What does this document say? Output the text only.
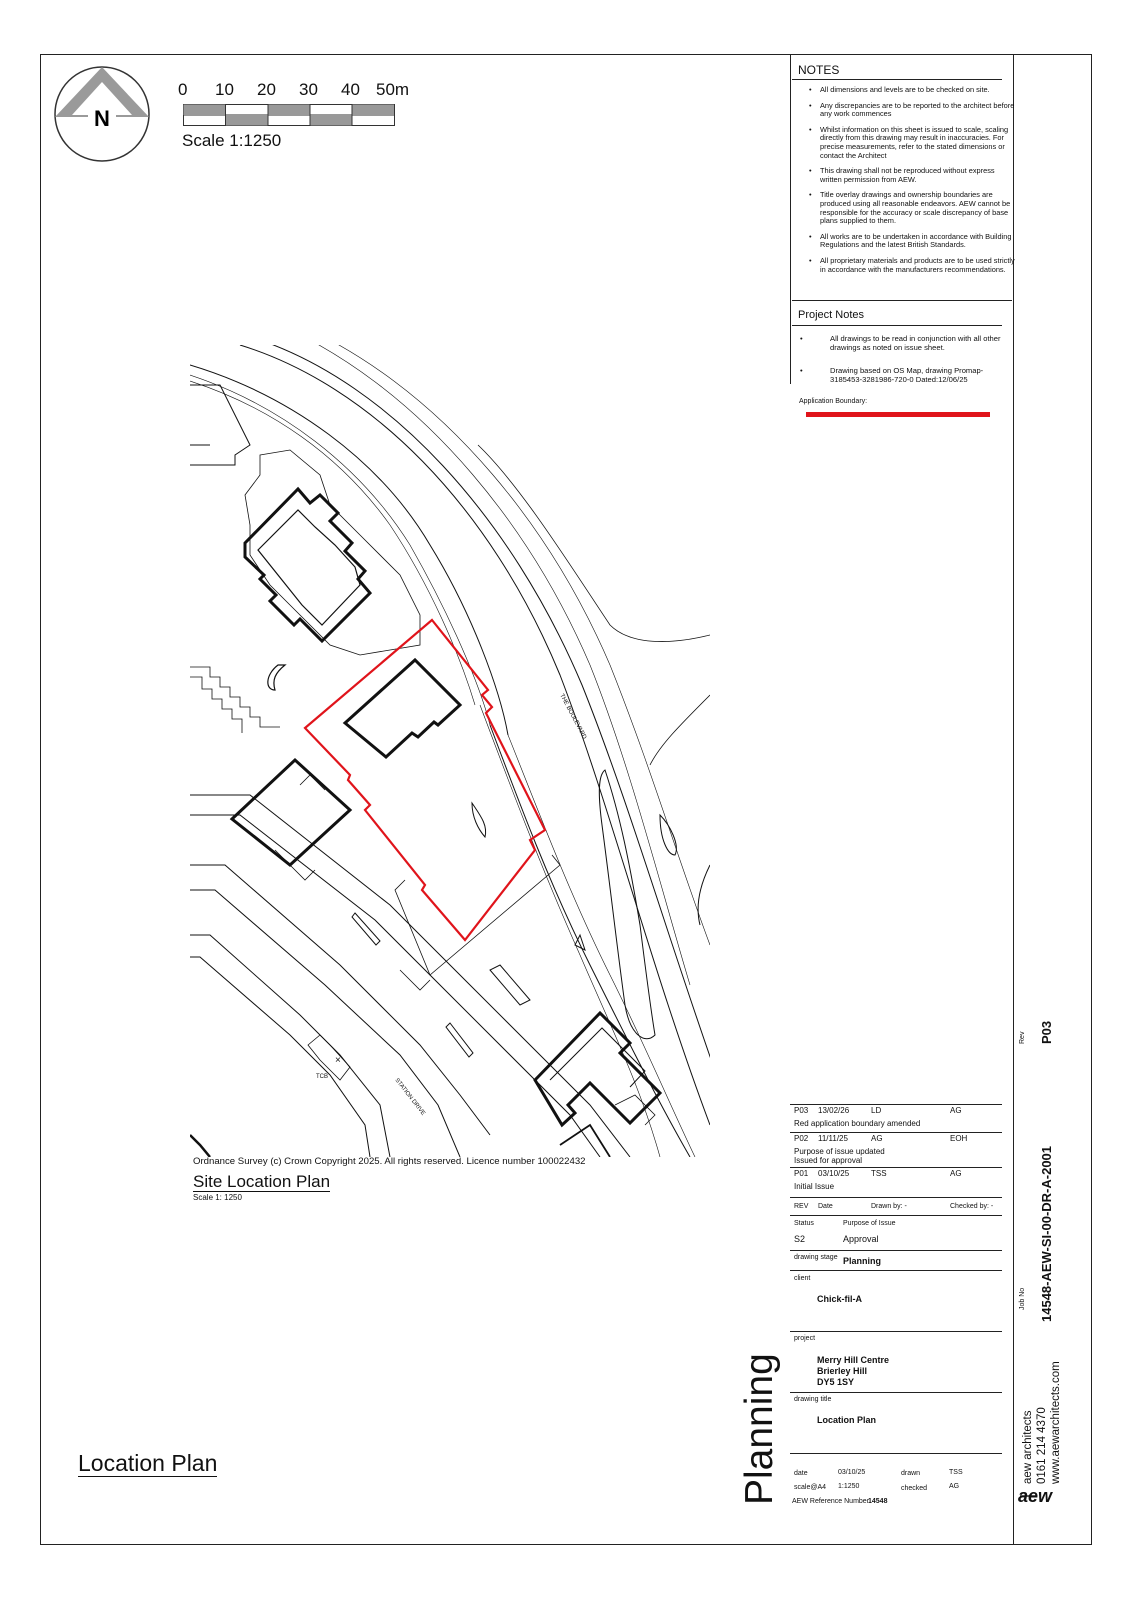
N
0 10 20 30 40 50m
Scale 1:1250
NOTES
• All dimensions and levels are to be checked on site.
• Any discrepancies are to be reported to the architect before any work commences
• Whilst information on this sheet is issued to scale, scaling directly from this drawing may result in inaccuracies. For precise measurements, refer to the stated dimensions or contact the Architect
• This drawing shall not be reproduced without express written permission from AEW.
• Title overlay drawings and ownership boundaries are produced using all reasonable endeavors. AEW cannot be responsible for the accuracy or scale discrepancy of base plans supplied to them.
• All works are to be undertaken in accordance with Building Regulations and the latest British Standards.
• All proprietary materials and products are to be used strictly in accordance with the manufacturers recommendations.
Project Notes
•	All drawings to be read in conjunction with all other drawings as noted on issue sheet.
•	Drawing based on OS Map, drawing Promap-3185453-3281986-720-0 Dated:12/06/25
Application Boundary:
THE BOULEVARD
STATION DRIVE
TCB
×
Ordnance Survey (c) Crown Copyright 2025. All rights reserved. Licence number 100022432
Site Location Plan
Scale 1: 1250
Location Plan	Planning
P03 13/02/26	LD	AG
Red application boundary amended
P02 11/11/25	AG	EOH
Purpose of issue updated
Issued for approval
P01 03/10/25	TSS	AG
Initial Issue
REV Date	Drawn by: -	Checked by: -
Status	Purpose of Issue
S2	Approval
drawing stage Planning
client
Chick-fil-A
project
Merry Hill Centre
Brierley Hill
DY5 1SY
drawing title
Location Plan
date	03/10/25	drawn	TSS
scale@A4 1:1250	checked	AG
AEW Reference Number
14548
Rev P03
Job No 14548-AEW-SI-00-DR-A-2001
aew architects 0161 214 4370 www.aewarchitects.com
aew
